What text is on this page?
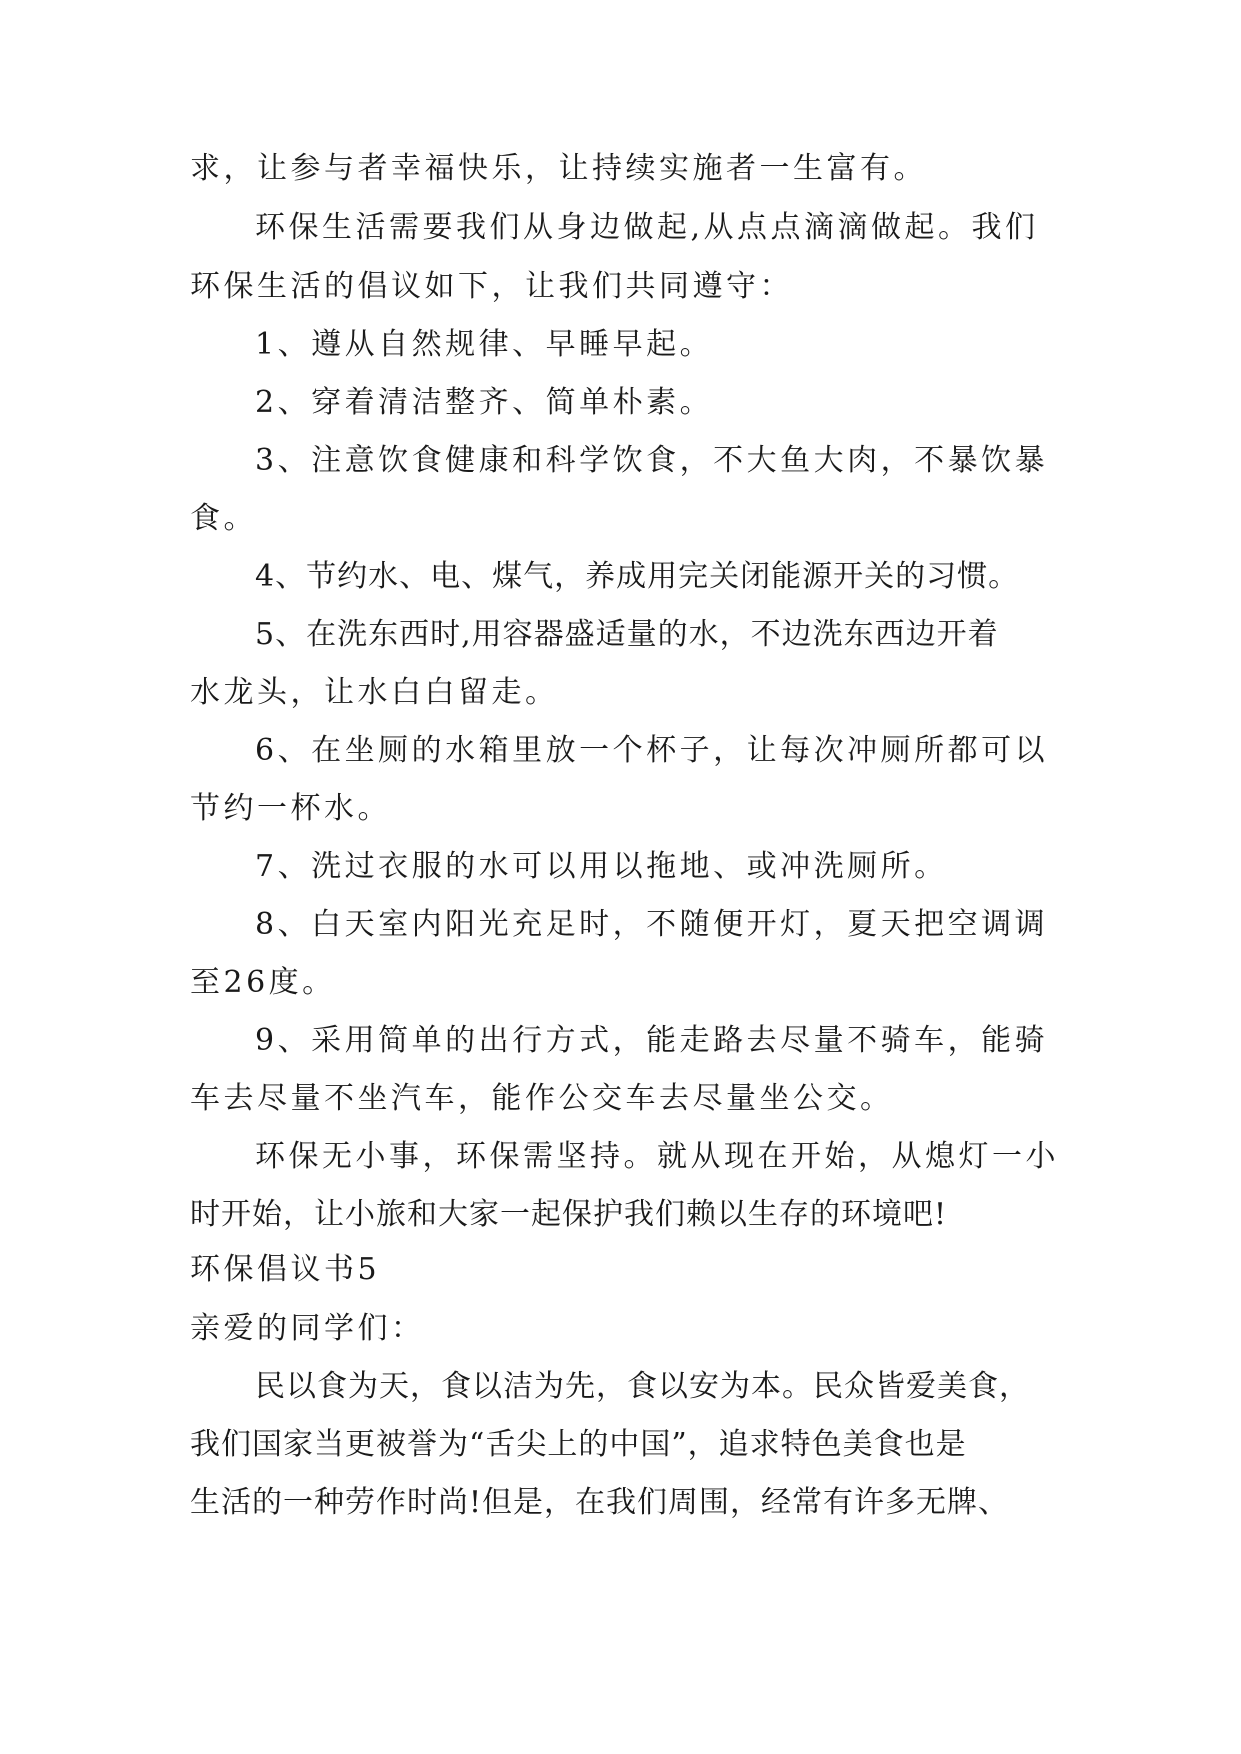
求，让参与者幸福快乐，让持续实施者一生富有。
环保生活需要我们从身边做起,从点点滴滴做起。我们
环保生活的倡议如下，让我们共同遵守：
1、遵从自然规律、早睡早起。
2、穿着清洁整齐、简单朴素。
3、注意饮食健康和科学饮食，不大鱼大肉，不暴饮暴
食。
4、节约水、电、煤气，养成用完关闭能源开关的习惯。
5、在洗东西时,用容器盛适量的水，不边洗东西边开着
水龙头，让水白白留走。
6、在坐厕的水箱里放一个杯子，让每次冲厕所都可以
节约一杯水。
7、洗过衣服的水可以用以拖地、或冲洗厕所。
8、白天室内阳光充足时，不随便开灯，夏天把空调调
至26度。
9、采用简单的出行方式，能走路去尽量不骑车，能骑
车去尽量不坐汽车，能作公交车去尽量坐公交。
环保无小事，环保需坚持。就从现在开始，从熄灯一小
时开始，让小旅和大家一起保护我们赖以生存的环境吧!
环保倡议书5
亲爱的同学们：
民以食为天，食以洁为先，食以安为本。民众皆爱美食，
我们国家当更被誉为“舌尖上的中国”，追求特色美食也是
生活的一种劳作时尚!但是，在我们周围，经常有许多无牌、
